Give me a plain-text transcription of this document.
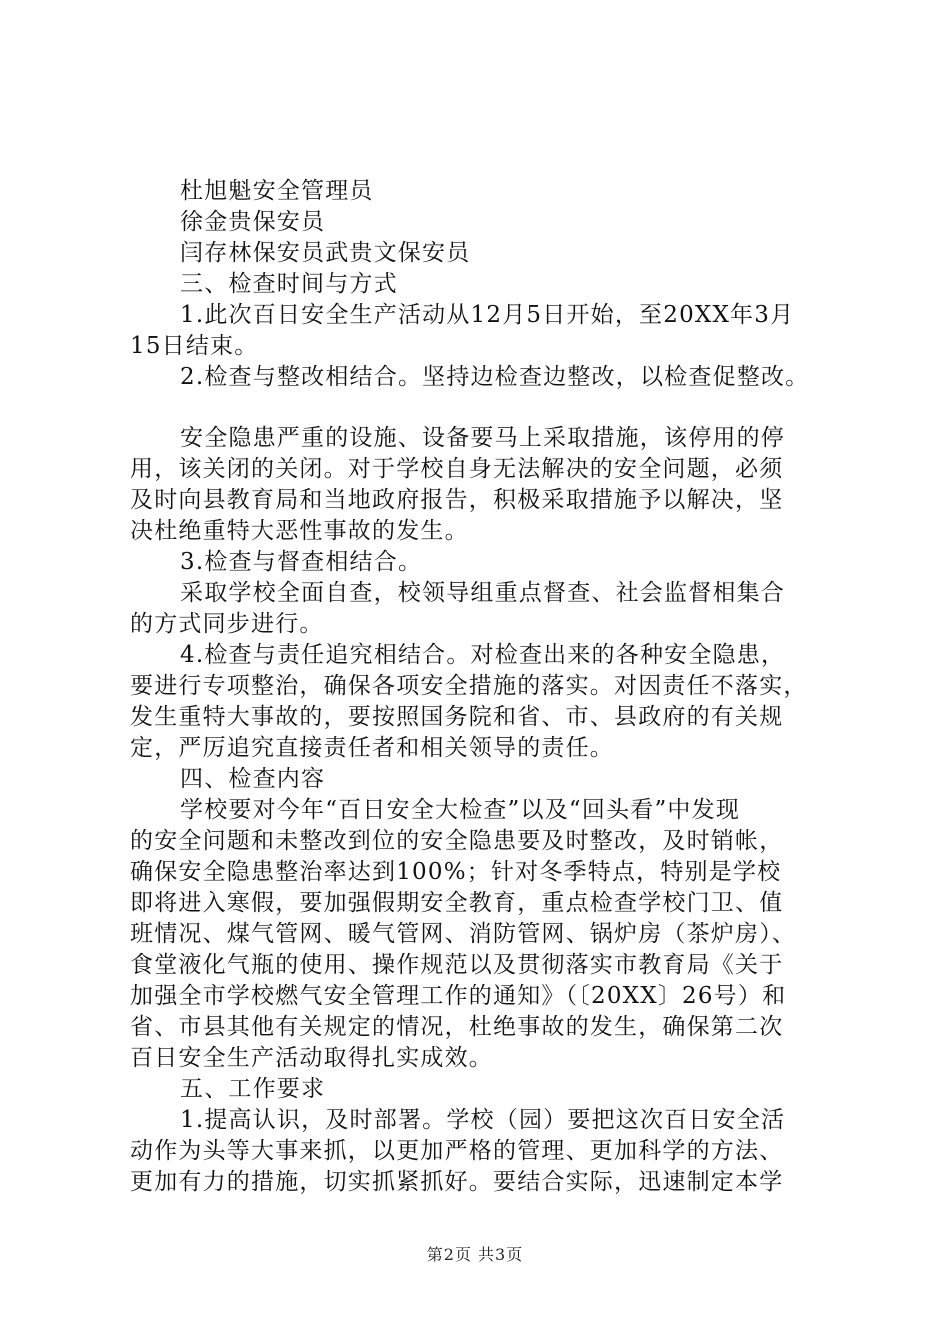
杜旭魁安全管理员
徐金贵保安员
闫存林保安员武贵文保安员
三、检查时间与方式
1.此次百日安全生产活动从12月5日开始，至20XX年3月
15日结束。
2.检查与整改相结合。坚持边检查边整改，以检查促整改。
安全隐患严重的设施、设备要马上采取措施，该停用的停
用，该关闭的关闭。对于学校自身无法解决的安全问题，必须
及时向县教育局和当地政府报告，积极采取措施予以解决，坚
决杜绝重特大恶性事故的发生。
3.检查与督查相结合。
采取学校全面自查，校领导组重点督查、社会监督相集合
的方式同步进行。
4.检查与责任追究相结合。对检查出来的各种安全隐患，
要进行专项整治，确保各项安全措施的落实。对因责任不落实，
发生重特大事故的，要按照国务院和省、市、县政府的有关规
定，严厉追究直接责任者和相关领导的责任。
四、检查内容
学校要对今年“百日安全大检查”以及“回头看”中发现
的安全问题和未整改到位的安全隐患要及时整改，及时销帐，
确保安全隐患整治率达到100%；针对冬季特点，特别是学校
即将进入寒假，要加强假期安全教育，重点检查学校门卫、值
班情况、煤气管网、暖气管网、消防管网、锅炉房（茶炉房）、
食堂液化气瓶的使用、操作规范以及贯彻落实市教育局《关于
加强全市学校燃气安全管理工作的通知》（〔20XX〕26号）和
省、市县其他有关规定的情况，杜绝事故的发生，确保第二次
百日安全生产活动取得扎实成效。
五、工作要求
1.提高认识，及时部署。学校（园）要把这次百日安全活
动作为头等大事来抓，以更加严格的管理、更加科学的方法、
更加有力的措施，切实抓紧抓好。要结合实际，迅速制定本学
第2页 共3页
